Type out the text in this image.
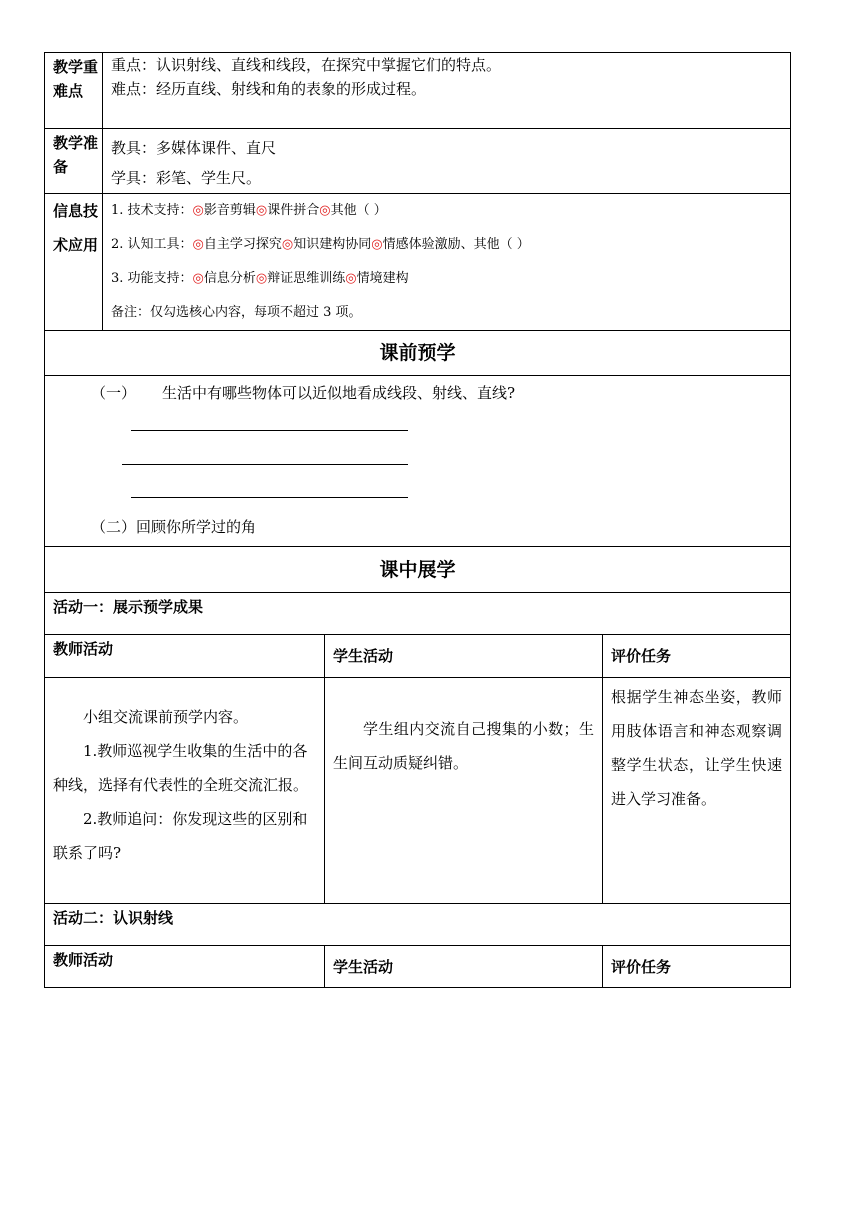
教学重难点	重点：认识射线、直线和线段，在探究中掌握它们的特点。

难点：经历直线、射线和角的表象的形成过程。		

教学准备	教具：多媒体课件、直尺

学具：彩笔、学生尺。		

信息技术应用	1. 技术支持：◎影音剪辑◎课件拼合◎其他（ ）
2. 认知工具：◎自主学习探究◎知识建构协同◎情感体验激励、其他（ ）
3. 功能支持：◎信息分析◎辩证思维训练◎情境建构
备注：仅勾选核心内容，每项不超过 3 项。		

课前预学			

（一） 生活中有哪些物体可以近似地看成线段、射线、直线?
（二）回顾你所学过的角			

课中展学			
活动一：展示预学成果			
教师活动		学生活动	评价任务

小组交流课前预学内容。

1.教师巡视学生收集的生活中的各种线，选择有代表性的全班交流汇报。

2.教师追问：你发现这些的区别和联系了吗?		学生组内交流自己搜集的小数；生生间互动质疑纠错。	根据学生神态坐姿，教师用肢体语言和神态观察调整学生状态，让学生快速进入学习准备。

活动二：认识射线			
教师活动		学生活动	评价任务
